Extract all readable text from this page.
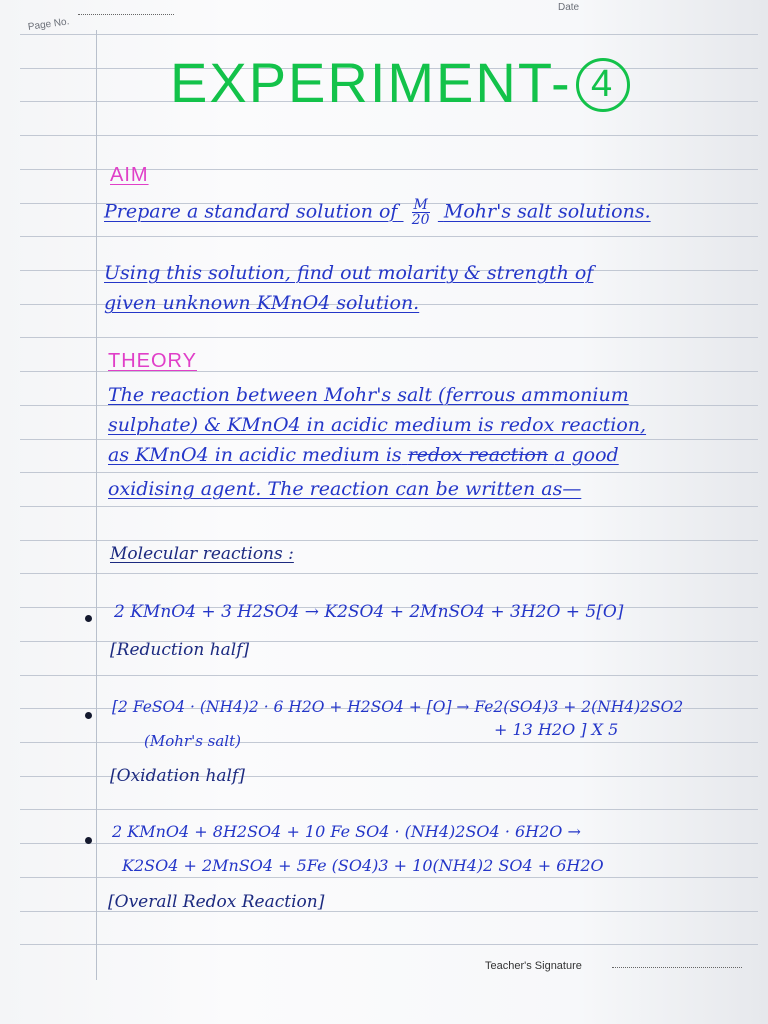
Page No.
Date
EXPERIMENT- 4
AIM
Prepare a standard solution of $\frac{M}{20}$ Mohr's salt solutions.
Using this solution, find out molarity & strength of
given unknown KMnO4 solution.
THEORY
The reaction between Mohr's salt (ferrous ammonium
sulphate) & KMnO4 in acidic medium is redox reaction,
as KMnO4 in acidic medium is redox reaction a good
oxidising agent. The reaction can be written as—
Molecular reactions :
2 KMnO4 + 3 H2SO4 → K2SO4 + 2MnSO4 + 3H2O + 5[O]
[Reduction half]
[2 FeSO4 · (NH4)2 · 6 H2O + H2SO4 + [O] → Fe2(SO4)3 + 2(NH4)2SO2
(Mohr's salt)
+ 13 H2O ] X 5
[Oxidation half]
2 KMnO4 + 8H2SO4 + 10 Fe SO4 · (NH4)2SO4 · 6H2O →
K2SO4 + 2MnSO4 + 5Fe (SO4)3 + 10(NH4)2 SO4 + 6H2O
[Overall Redox Reaction]
Teacher's Signature
